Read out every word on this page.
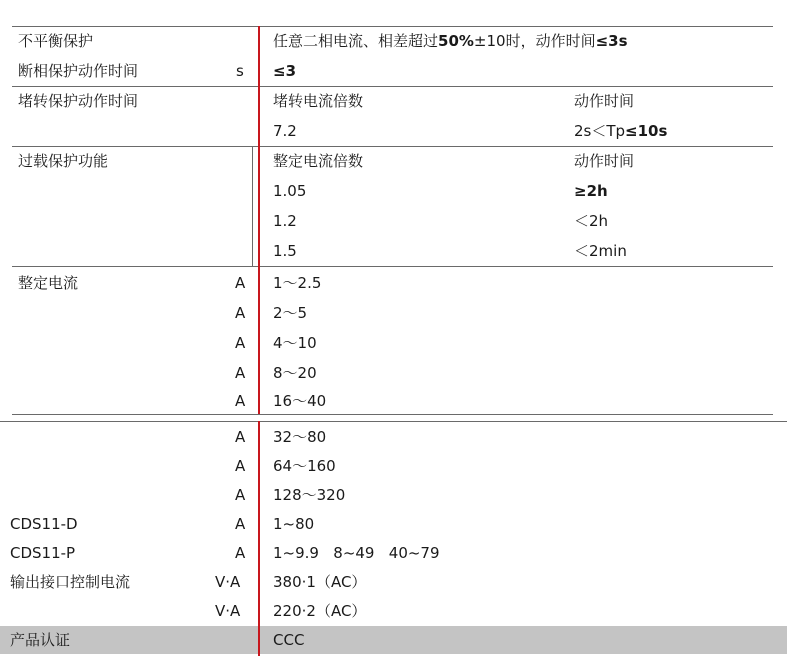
不平衡保护	任意二相电流、相差超过50%±10时，动作时间≤3s
断相保护动作时间	s ≤3
堵转保护动作时间	堵转电流倍数	动作时间
7.2	2s＜Tp≤10s
过载保护功能	整定电流倍数	动作时间
1.05	≥2h
1.2	＜2h
1.5	＜2min
整定电流	A 1～2.5
A 2～5
A 4～10
A 8～20
A 16～40
A 32～80
A 64～160
A 128～320
CDS11-D	A 1~80
CDS11-P	A 1~9.9   8~49   40~79
输出接口控制电流	V·A 380·1（AC）
V·A 220·2（AC）
产品认证	CCC
